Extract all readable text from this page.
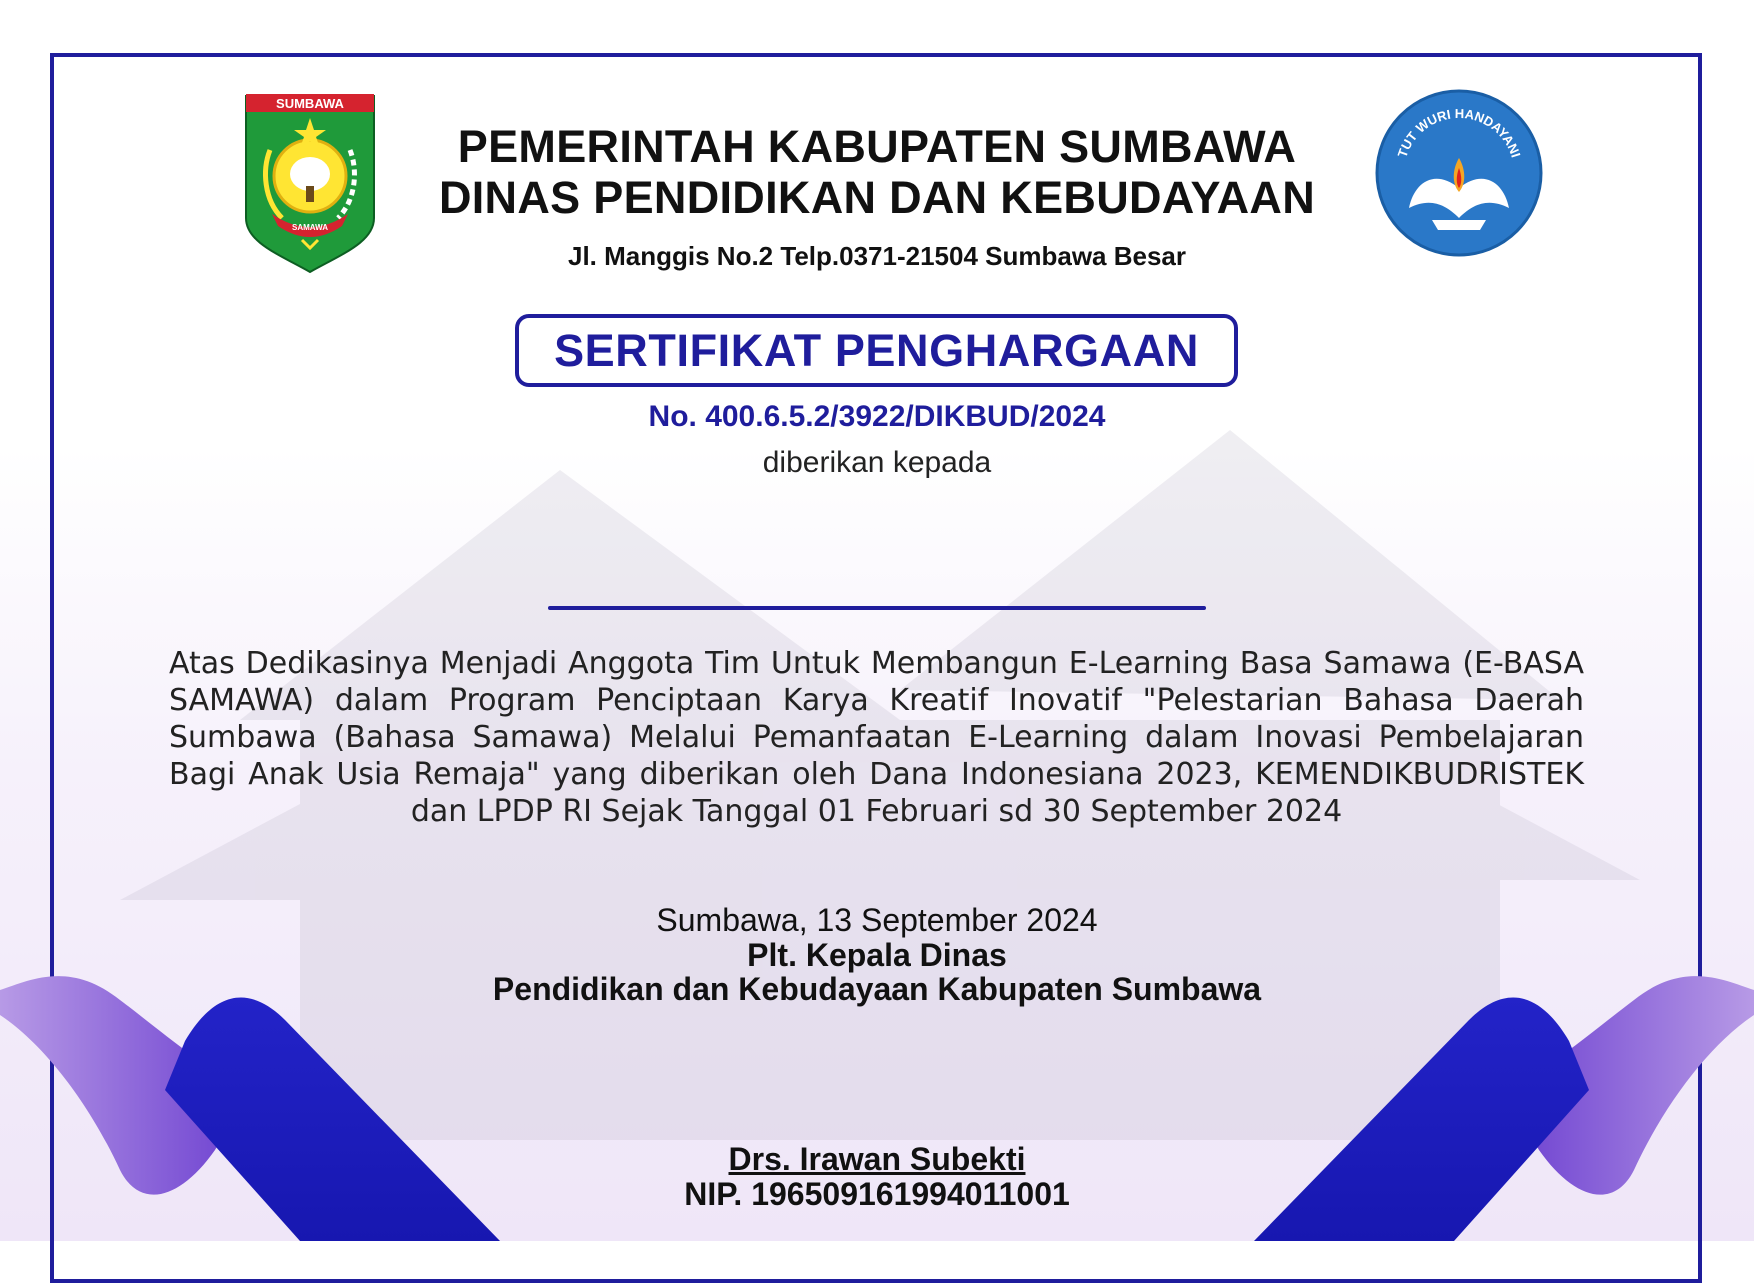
SUMBAWA
SAMAWA
TUT WURI HANDAYANI
PEMERINTAH KABUPATEN SUMBAWA
DINAS PENDIDIKAN DAN KEBUDAYAAN
Jl. Manggis No.2 Telp.0371-21504 Sumbawa Besar
SERTIFIKAT PENGHARGAAN
No. 400.6.5.2/3922/DIKBUD/2024
diberikan kepada
Atas Dedikasinya Menjadi Anggota Tim Untuk Membangun E-Learning Basa Samawa (E-BASA SAMAWA) dalam Program Penciptaan Karya Kreatif Inovatif "Pelestarian Bahasa Daerah Sumbawa (Bahasa Samawa) Melalui Pemanfaatan E-Learning dalam Inovasi Pembelajaran Bagi Anak Usia Remaja" yang diberikan oleh Dana Indonesiana 2023, KEMENDIKBUDRISTEK dan LPDP RI Sejak Tanggal 01 Februari sd 30 September 2024
Sumbawa, 13 September 2024
Plt. Kepala Dinas
Pendidikan dan Kebudayaan Kabupaten Sumbawa
Drs. Irawan Subekti
NIP. 196509161994011001
